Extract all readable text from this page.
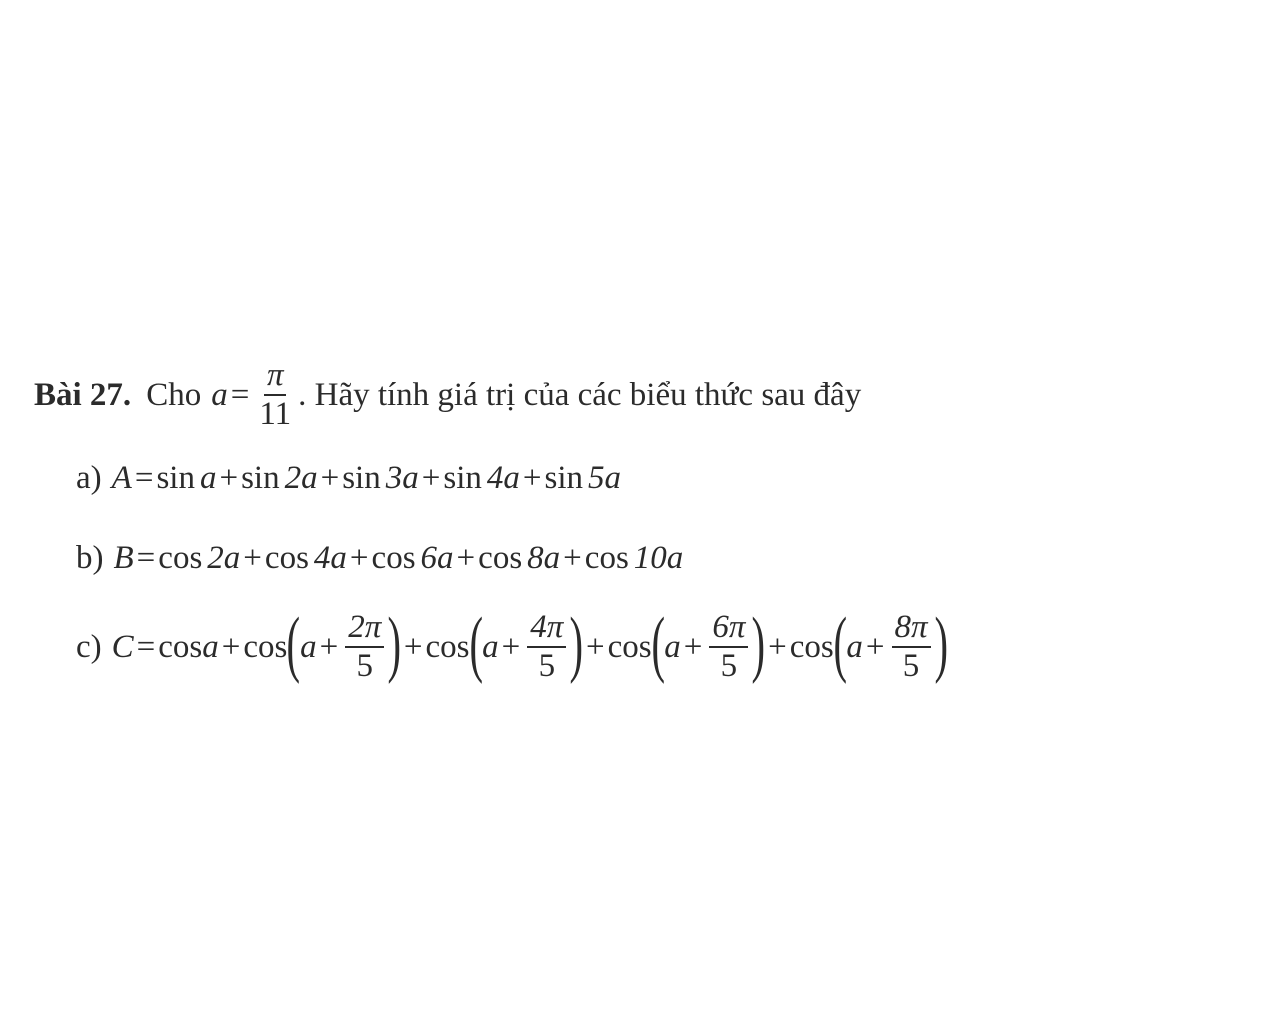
Bài 27. Cho $a = \frac{\pi}{11}$ . Hãy tính giá trị của các biểu thức sau đây
a) A = sin a + sin 2a + sin 3a + sin 4a + sin 5a
b) B = cos 2a + cos 4a + cos 6a + cos 8a + cos 10a
c) C = cosa + cos ( $a + \frac{2\pi}{5}$ ) + cos ( $a + \frac{4\pi}{5}$ ) + cos ( $a + \frac{6\pi}{5}$ ) + cos ( $a + \frac{8\pi}{5}$ )
